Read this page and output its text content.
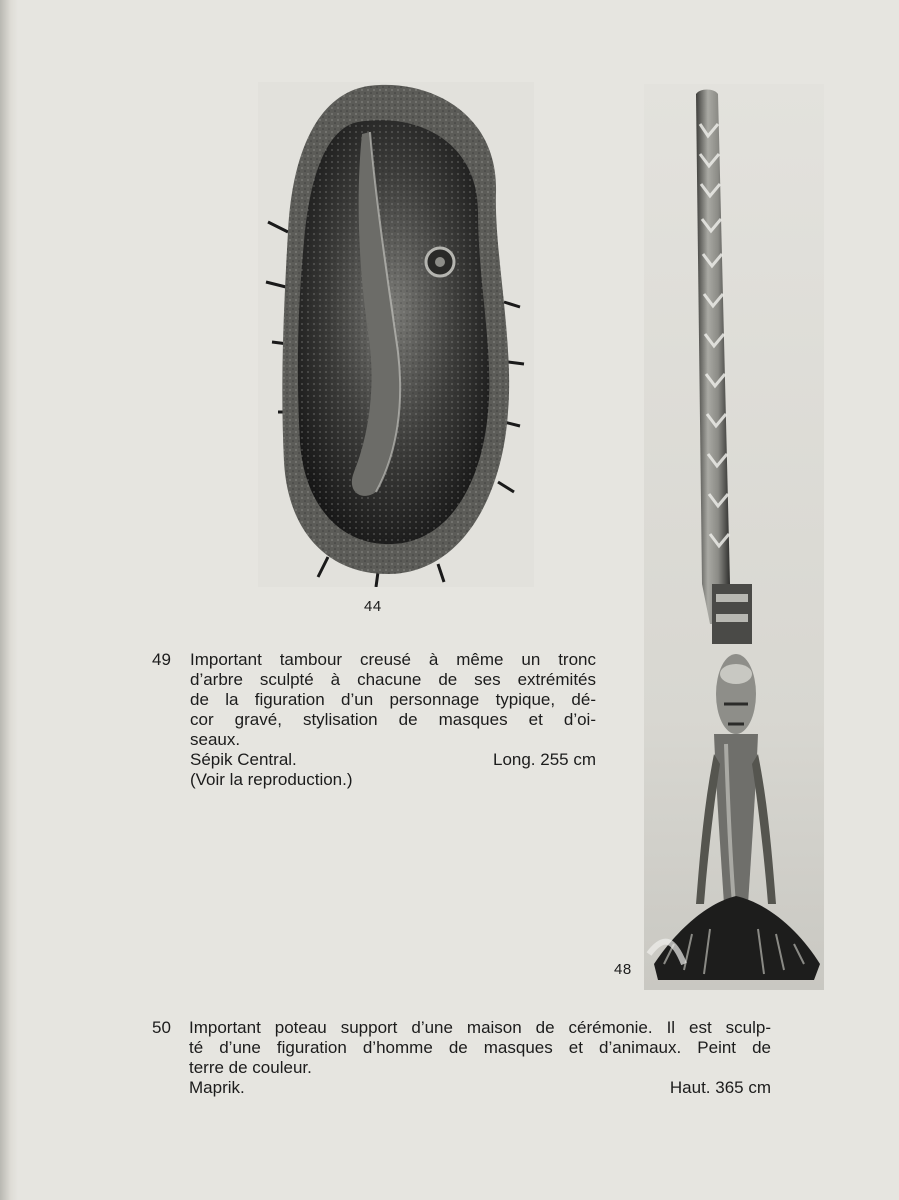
44
48
49 Important tambour creusé à même un tronc
d’arbre sculpté à chacune de ses extrémités
de la figuration d’un personnage typique, dé-
cor gravé, stylisation de masques et d’oi-
seaux.
Sépik Central.	Long. 255 cm
(Voir la reproduction.)
50 Important poteau support d’une maison de cérémonie. Il est sculp-
té d’une figuration d’homme de masques et d’animaux. Peint de
terre de couleur.
Maprik.	Haut. 365 cm
